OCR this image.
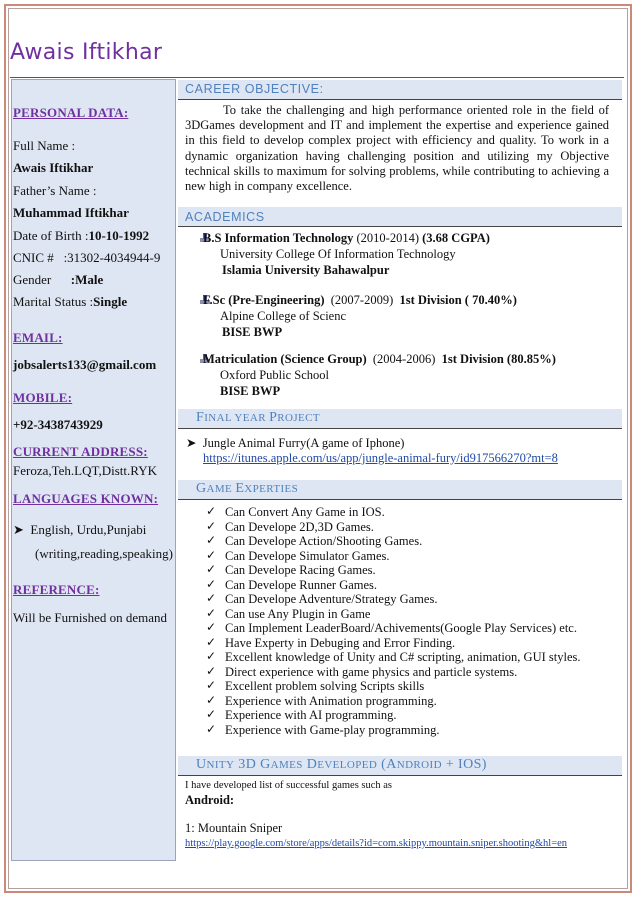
Awais Iftikhar
PERSONAL DATA:
Full Name :
Awais Iftikhar
Father’s Name :
Muhammad Iftikhar
Date of Birth :10-10-1992
CNIC # :31302-4034944-9
Gender :Male
Marital Status :Single
EMAIL:
jobsalerts133@gmail.com
MOBILE:
+92-3438743929
CURRENT ADDRESS:
Feroza,Teh.LQT,Distt.RYK
LANGUAGES KNOWN:
➤ English, Urdu,Punjabi
(writing,reading,speaking)
REFERENCE:
Will be Furnished on demand
CAREER OBJECTIVE:
To take the challenging and high performance oriented role in the field of 3DGames development and IT and implement the expertise and experience gained in this field to develop complex project with efficiency and quality. To work in a dynamic organization having challenging position and utilizing my Objective technical skills to maximum for solving problems, while contributing to achieving a new high in company excellence.
ACADEMICS
B.S Information Technology (2010-2014) (3.68 CGPA)
University College Of Information Technology
Islamia University Bahawalpur
F.Sc (Pre-Engineering) (2007-2009) 1st Division ( 70.40%)
Alpine College of Scienc
BISE BWP
Matriculation (Science Group) (2004-2006) 1st Division (80.85%)
Oxford Public School
BISE BWP
FINAL YEAR PROJECT
➤ Jungle Animal Furry(A game of Iphone)
https://itunes.apple.com/us/app/jungle-animal-fury/id917566270?mt=8
GAME EXPERTIES
✓ Can Convert Any Game in IOS.
✓ Can Develope 2D,3D Games.
✓ Can Develope Action/Shooting Games.
✓ Can Develope Simulator Games.
✓ Can Develope Racing Games.
✓ Can Develope Runner Games.
✓ Can Develope Adventure/Strategy Games.
✓ Can use Any Plugin in Game
✓ Can Implement LeaderBoard/Achivements(Google Play Services) etc.
✓ Have Experty in Debuging and Error Finding.
✓ Excellent knowledge of Unity and C# scripting, animation, GUI styles.
✓ Direct experience with game physics and particle systems.
✓ Excellent problem solving Scripts skills
✓ Experience with Animation programming.
✓ Experience with AI programming.
✓ Experience with Game-play programming.
UNITY 3D GAMES DEVELOPED (ANDROID + IOS)
I have developed list of successful games such as
Android:
1: Mountain Sniper
https://play.google.com/store/apps/details?id=com.skippy.mountain.sniper.shooting&hl=en
